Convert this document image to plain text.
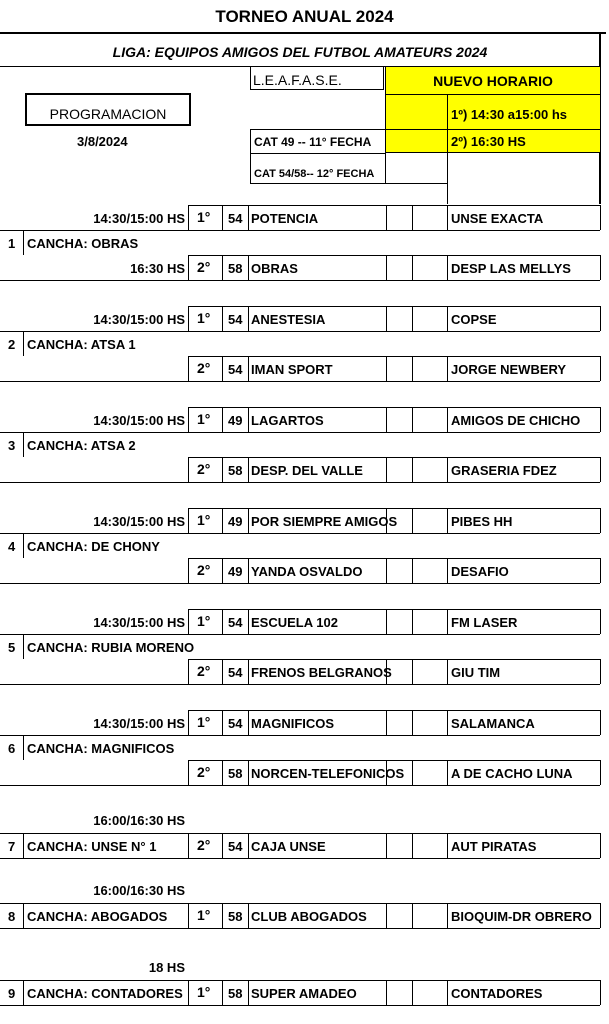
TORNEO ANUAL 2024
LIGA: EQUIPOS AMIGOS DEL FUTBOL AMATEURS 2024
L.E.A.F.A.S.E.	NUEVO HORARIO
1º) 14:30 a15:00 hs
2º) 16:30 HS
PROGRAMACION
3/8/2024	CAT 49 -- 11° FECHA
CAT 54/58-- 12° FECHA
14:30/15:00 HS 1° 54 POTENCIA	UNSE EXACTA
1 CANCHA: OBRAS
16:30 HS 2° 58 OBRAS	DESP LAS MELLYS
14:30/15:00 HS 1° 54 ANESTESIA	COPSE
2 CANCHA: ATSA 1
2° 54 IMAN SPORT	JORGE NEWBERY
14:30/15:00 HS 1° 49 LAGARTOS	AMIGOS DE CHICHO
3 CANCHA: ATSA 2
2° 58 DESP. DEL VALLE	GRASERIA FDEZ
14:30/15:00 HS 1° 49 POR SIEMPRE AMIGOS	PIBES HH
4 CANCHA: DE CHONY
2° 49 YANDA OSVALDO	DESAFIO
14:30/15:00 HS 1° 54 ESCUELA 102	FM LASER
5 CANCHA: RUBIA MORENO
2° 54 FRENOS BELGRANOS	GIU TIM
14:30/15:00 HS 1° 54 MAGNIFICOS	SALAMANCA
6 CANCHA: MAGNIFICOS
2° 58 NORCEN-TELEFONICOS	A DE CACHO LUNA
16:00/16:30 HS
2° 54 CAJA UNSE	AUT PIRATAS
7 CANCHA: UNSE N° 1
16:00/16:30 HS
1° 58 CLUB ABOGADOS	BIOQUIM-DR OBRERO
8 CANCHA: ABOGADOS
18 HS
1° 58 SUPER AMADEO	CONTADORES
9 CANCHA: CONTADORES
